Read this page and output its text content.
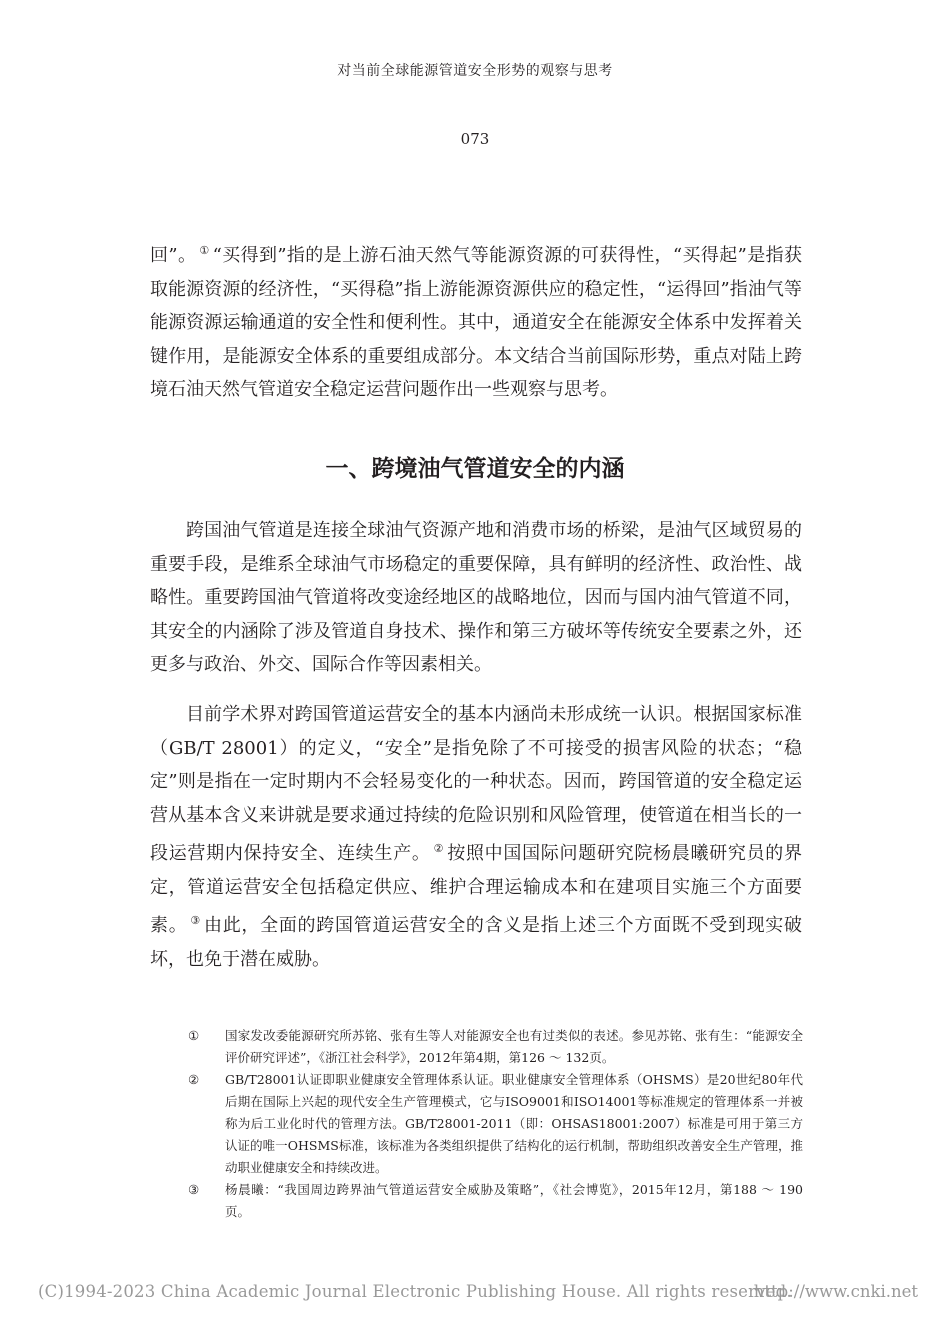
对当前全球能源管道安全形势的观察与思考
073

回”。 ① “买得到”指的是上游石油天然气等能源资源的可获得性，“买得起”是指获取能源资源的经济性，“买得稳”指上游能源资源供应的稳定性，“运得回”指油气等能源资源运输通道的安全性和便利性。其中，通道安全在能源安全体系中发挥着关键作用，是能源安全体系的重要组成部分。本文结合当前国际形势，重点对陆上跨境石油天然气管道安全稳定运营问题作出一些观察与思考。

一、跨境油气管道安全的内涵

跨国油气管道是连接全球油气资源产地和消费市场的桥梁，是油气区域贸易的重要手段，是维系全球油气市场稳定的重要保障，具有鲜明的经济性、政治性、战略性。重要跨国油气管道将改变途经地区的战略地位，因而与国内油气管道不同，其安全的内涵除了涉及管道自身技术、操作和第三方破坏等传统安全要素之外，还更多与政治、外交、国际合作等因素相关。

目前学术界对跨国管道运营安全的基本内涵尚未形成统一认识。根据国家标准（GB/T 28001）的定义，“安全”是指免除了不可接受的损害风险的状态；“稳定”则是指在一定时期内不会轻易变化的一种状态。因而，跨国管道的安全稳定运营从基本含义来讲就是要求通过持续的危险识别和风险管理，使管道在相当长的一段运营期内保持安全、连续生产。 ② 按照中国国际问题研究院杨晨曦研究员的界定，管道运营安全包括稳定供应、维护合理运输成本和在建项目实施三个方面要素。 ③ 由此，全面的跨国管道运营安全的含义是指上述三个方面既不受到现实破坏，也免于潜在威胁。

①	国家发改委能源研究所苏铭、张有生等人对能源安全也有过类似的表述。参见苏铭、张有生：“能源安全评价研究评述”，《浙江社会科学》，2012年第4期，第126 ～ 132页。
②	GB/T28001认证即职业健康安全管理体系认证。职业健康安全管理体系（OHSMS）是20世纪80年代后期在国际上兴起的现代安全生产管理模式，它与ISO9001和ISO14001等标准规定的管理体系一并被称为后工业化时代的管理方法。GB/T28001-2011（即：OHSAS18001:2007）标准是可用于第三方认证的唯一OHSMS标准，该标准为各类组织提供了结构化的运行机制，帮助组织改善安全生产管理，推动职业健康安全和持续改进。
③	杨晨曦：“我国周边跨界油气管道运营安全威胁及策略”，《社会博览》，2015年12月，第188 ～ 190页。
(C)1994-2023 China Academic Journal Electronic Publishing House. All rights reserved.
http://www.cnki.net
